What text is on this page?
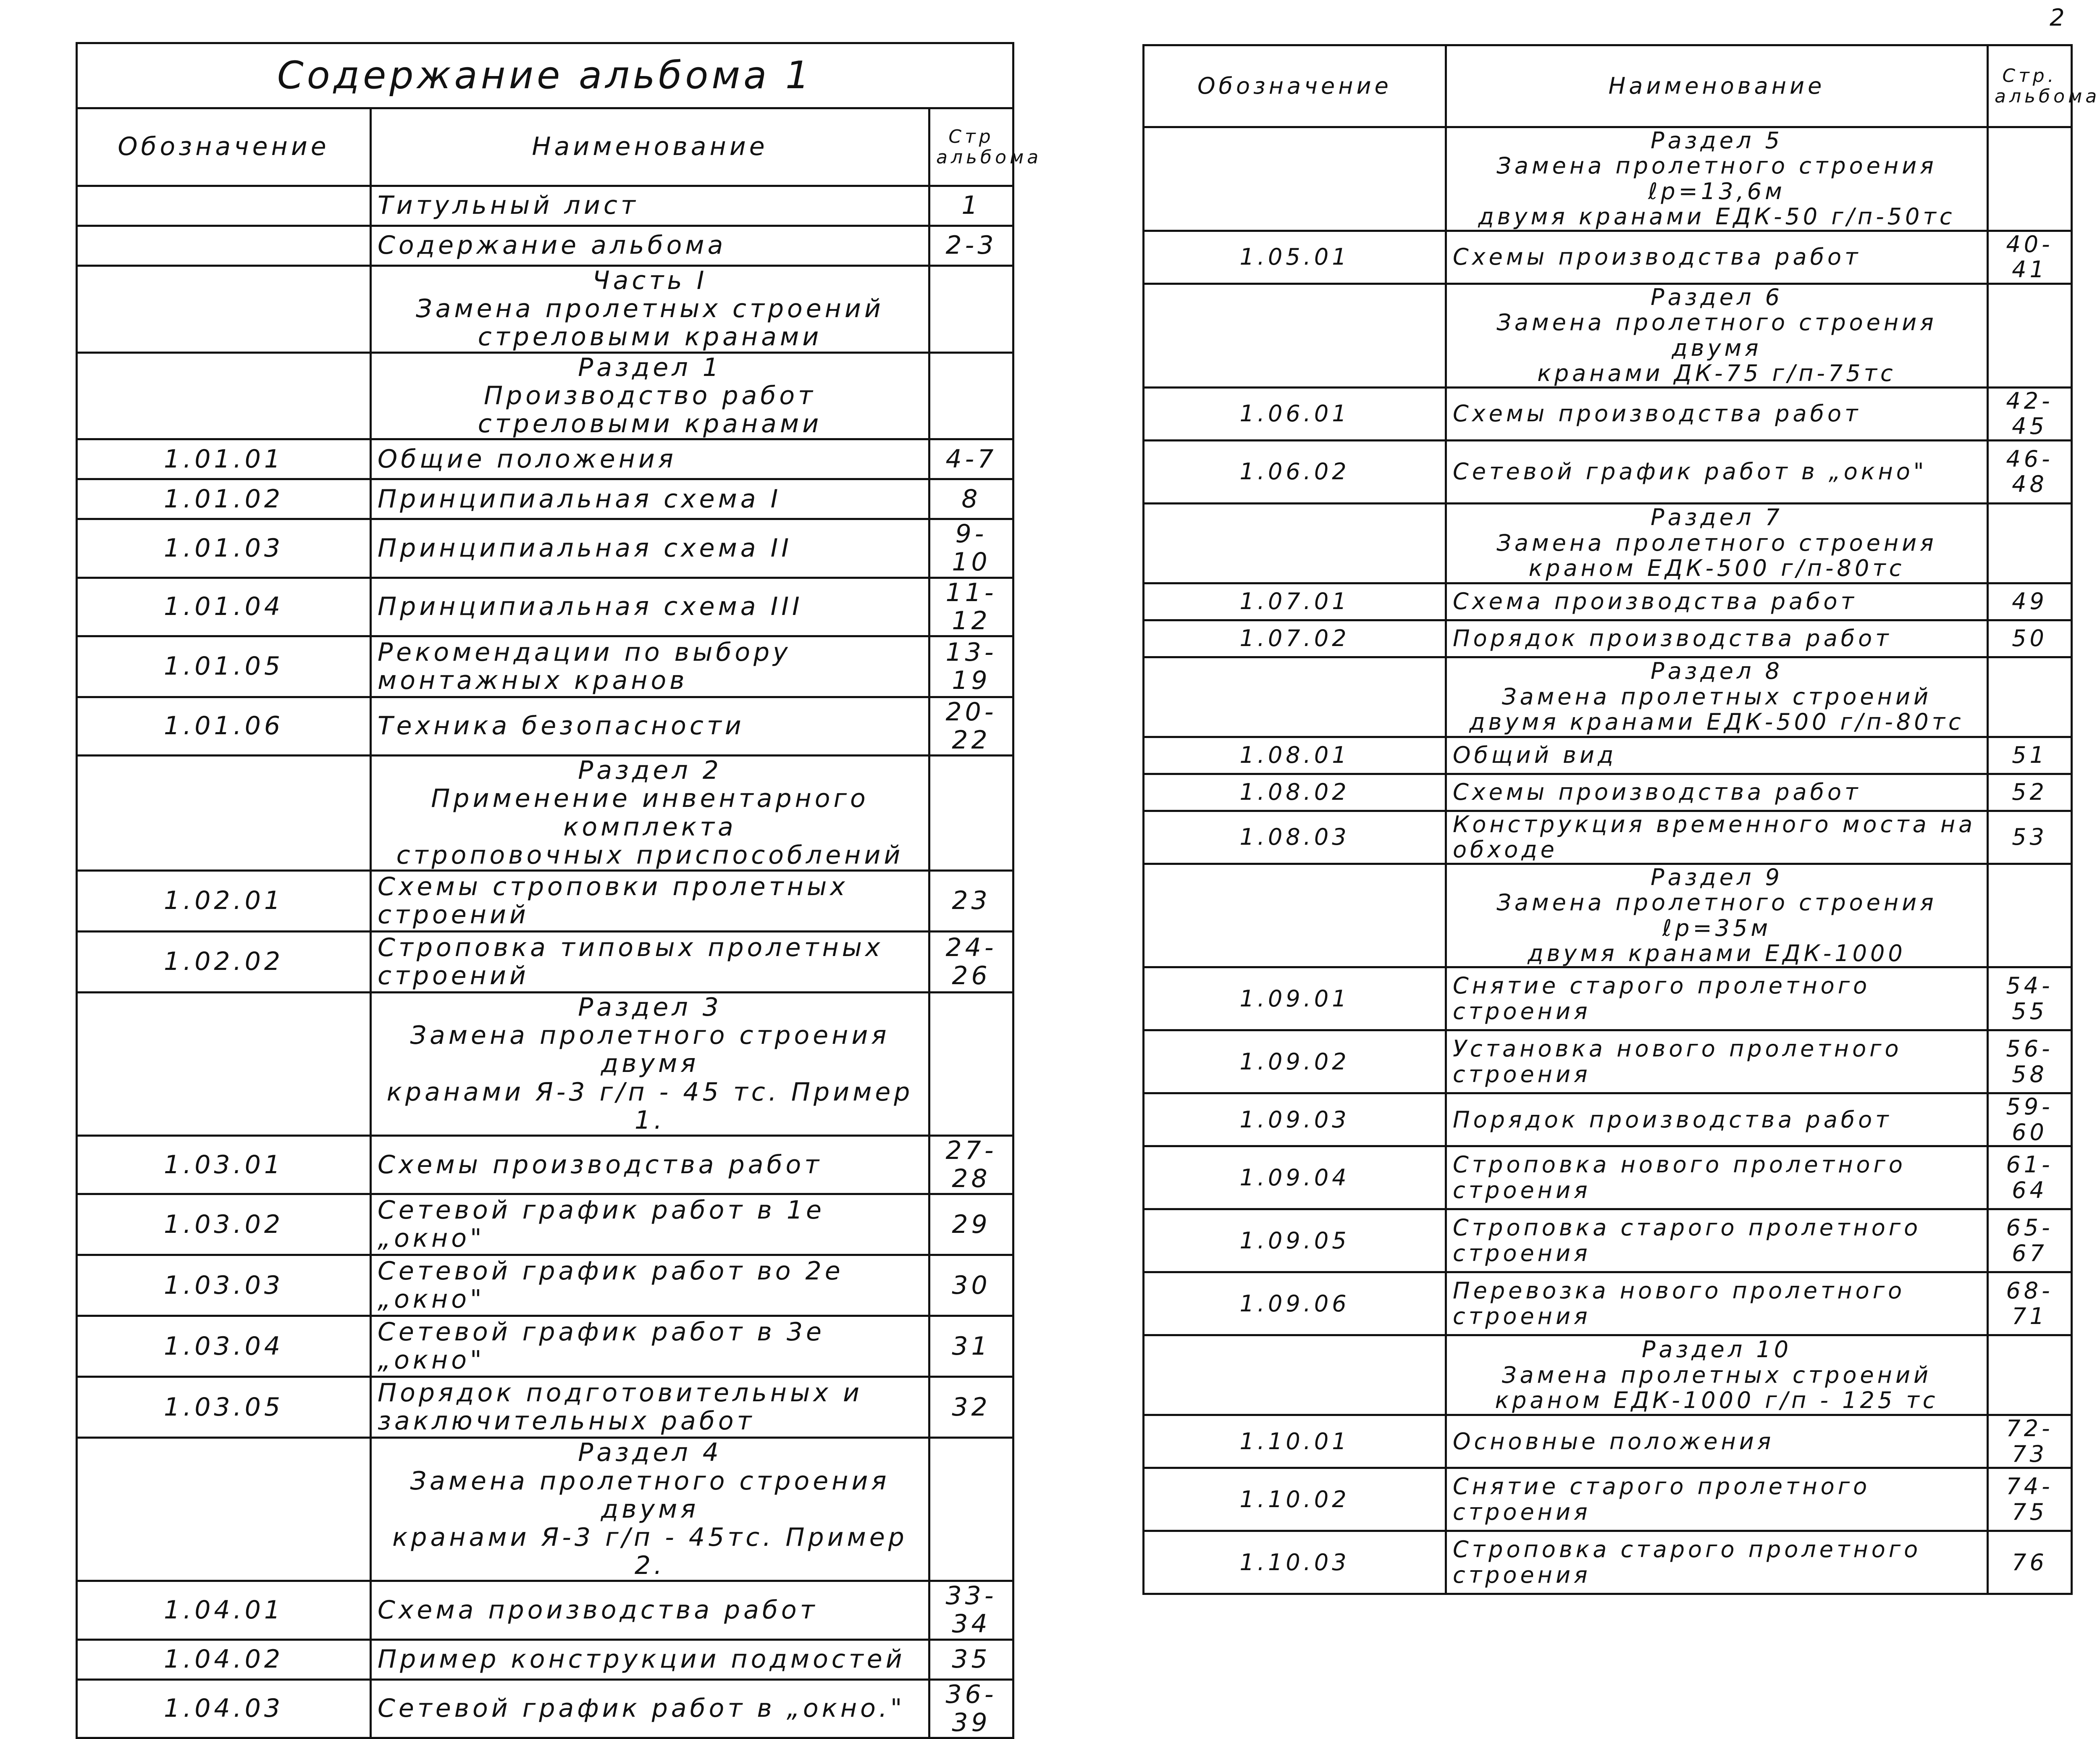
2
Содержание альбома 1		
Обозначение	Наименование	Стр альбома
	Титульный лист	1
	Содержание альбома	2-3

	Часть I
Замена пролетных строений
стреловыми кранами	

	Раздел 1
Производство работ
стреловыми кранами	

1.01.01	Общие положения	4-7
1.01.02	Принципиальная схема I	8
1.01.03	Принципиальная схема II	9-10
1.01.04	Принципиальная схема III	11-12
1.01.05	Рекомендации по выбору монтажных кранов	13-19
1.01.06	Техника безопасности	20-22

	Раздел 2
Применение инвентарного комплекта
строповочных приспособлений	

1.02.01	Схемы строповки пролетных строений	23
1.02.02	Строповка типовых пролетных строений	24-26

	Раздел 3
Замена пролетного строения двумя
кранами Я-3 г/п - 45 тс. Пример 1.	

1.03.01	Схемы производства работ	27-28
1.03.02	Сетевой график работ в 1е „окно"	29
1.03.03	Сетевой график работ во 2е „окно"	30
1.03.04	Сетевой график работ в 3е „окно"	31
1.03.05	Порядок подготовительных и заключительных работ	32

	Раздел 4
Замена пролетного строения двумя
кранами Я-3 г/п - 45тс. Пример 2.	

1.04.01	Схема производства работ	33-34
1.04.02	Пример конструкции подмостей	35
1.04.03	Сетевой график работ в „окно."	36-39
Обозначение	Наименование	Стр. альбома

	Раздел 5
Замена пролетного строения ℓр=13,6м
двумя кранами ЕДК-50 г/п-50тс	

1.05.01	Схемы производства работ	40-41

	Раздел 6
Замена пролетного строения двумя
кранами ДК-75 г/п-75тс	

1.06.01	Схемы производства работ	42-45
1.06.02	Сетевой график работ в „окно"	46-48

	Раздел 7
Замена пролетного строения
краном ЕДК-500 г/п-80тс	

1.07.01	Схема производства работ	49
1.07.02	Порядок производства работ	50

	Раздел 8
Замена пролетных строений
двумя кранами ЕДК-500 г/п-80тс	

1.08.01	Общий вид	51
1.08.02	Схемы производства работ	52
1.08.03	Конструкция временного моста на обходе	53

	Раздел 9
Замена пролетного строения ℓр=35м
двумя кранами ЕДК-1000	

1.09.01	Снятие старого пролетного строения	54-55
1.09.02	Установка нового пролетного строения	56-58
1.09.03	Порядок производства работ	59-60
1.09.04	Строповка нового пролетного строения	61-64
1.09.05	Строповка старого пролетного строения	65-67
1.09.06	Перевозка нового пролетного строения	68-71

	Раздел 10
Замена пролетных строений
краном ЕДК-1000 г/п - 125 тс	

1.10.01	Основные положения	72-73
1.10.02	Снятие старого пролетного строения	74-75
1.10.03	Строповка старого пролетного строения	76
